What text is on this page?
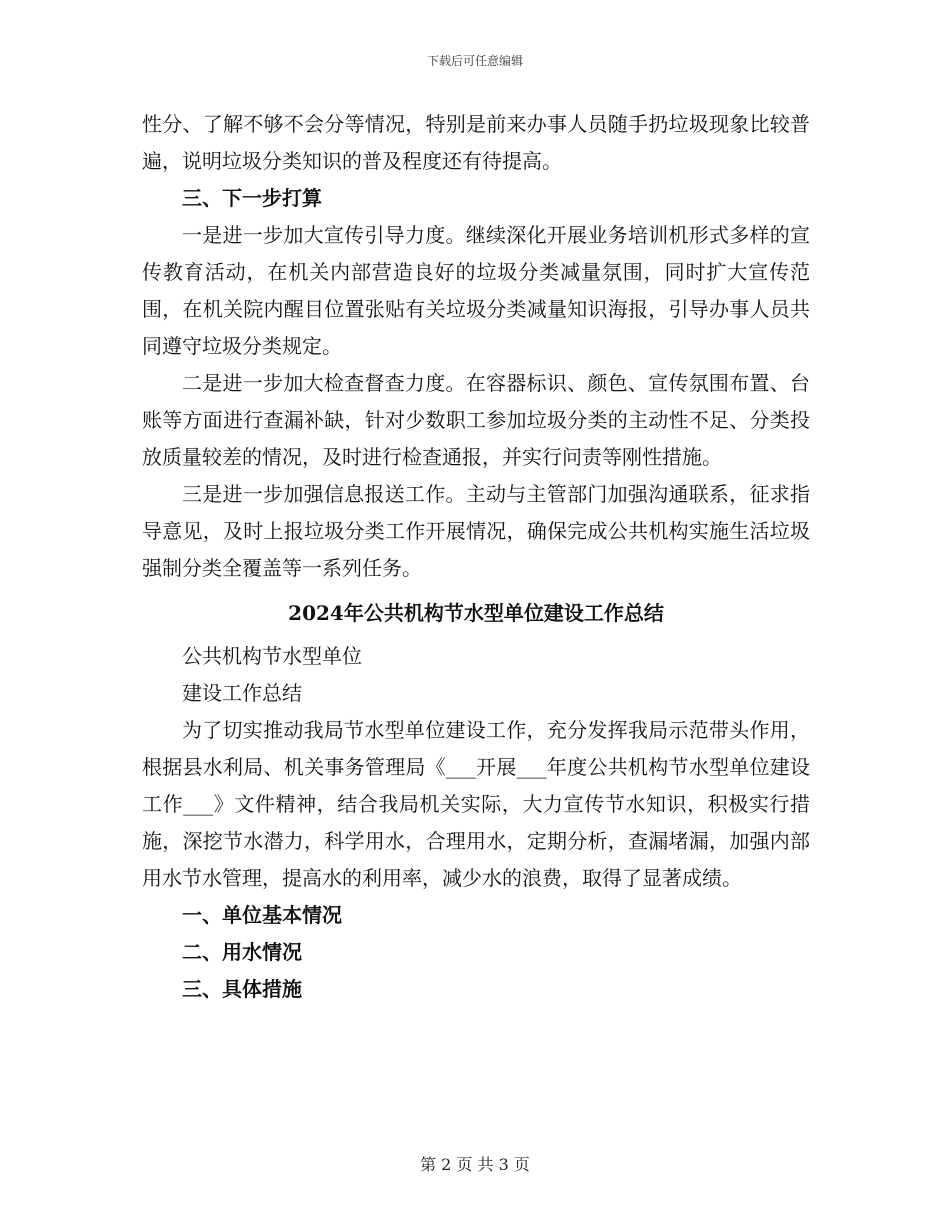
下载后可任意编辑

性分、了解不够不会分等情况，特别是前来办事人员随手扔垃圾现象比较普遍，说明垃圾分类知识的普及程度还有待提高。

三、下一步打算

一是进一步加大宣传引导力度。继续深化开展业务培训机形式多样的宣传教育活动，在机关内部营造良好的垃圾分类减量氛围，同时扩大宣传范围，在机关院内醒目位置张贴有关垃圾分类减量知识海报，引导办事人员共同遵守垃圾分类规定。

二是进一步加大检查督查力度。在容器标识、颜色、宣传氛围布置、台账等方面进行查漏补缺，针对少数职工参加垃圾分类的主动性不足、分类投放质量较差的情况，及时进行检查通报，并实行问责等刚性措施。

三是进一步加强信息报送工作。主动与主管部门加强沟通联系，征求指导意见，及时上报垃圾分类工作开展情况，确保完成公共机构实施生活垃圾强制分类全覆盖等一系列任务。

2024年公共机构节水型单位建设工作总结

公共机构节水型单位

建设工作总结

为了切实推动我局节水型单位建设工作，充分发挥我局示范带头作用，根据县水利局、机关事务管理局《___开展___年度公共机构节水型单位建设工作___》文件精神，结合我局机关实际，大力宣传节水知识，积极实行措施，深挖节水潜力，科学用水，合理用水，定期分析，查漏堵漏，加强内部用水节水管理，提高水的利用率，减少水的浪费，取得了显著成绩。

一、单位基本情况

二、用水情况

三、具体措施

第 2 页 共 3 页
